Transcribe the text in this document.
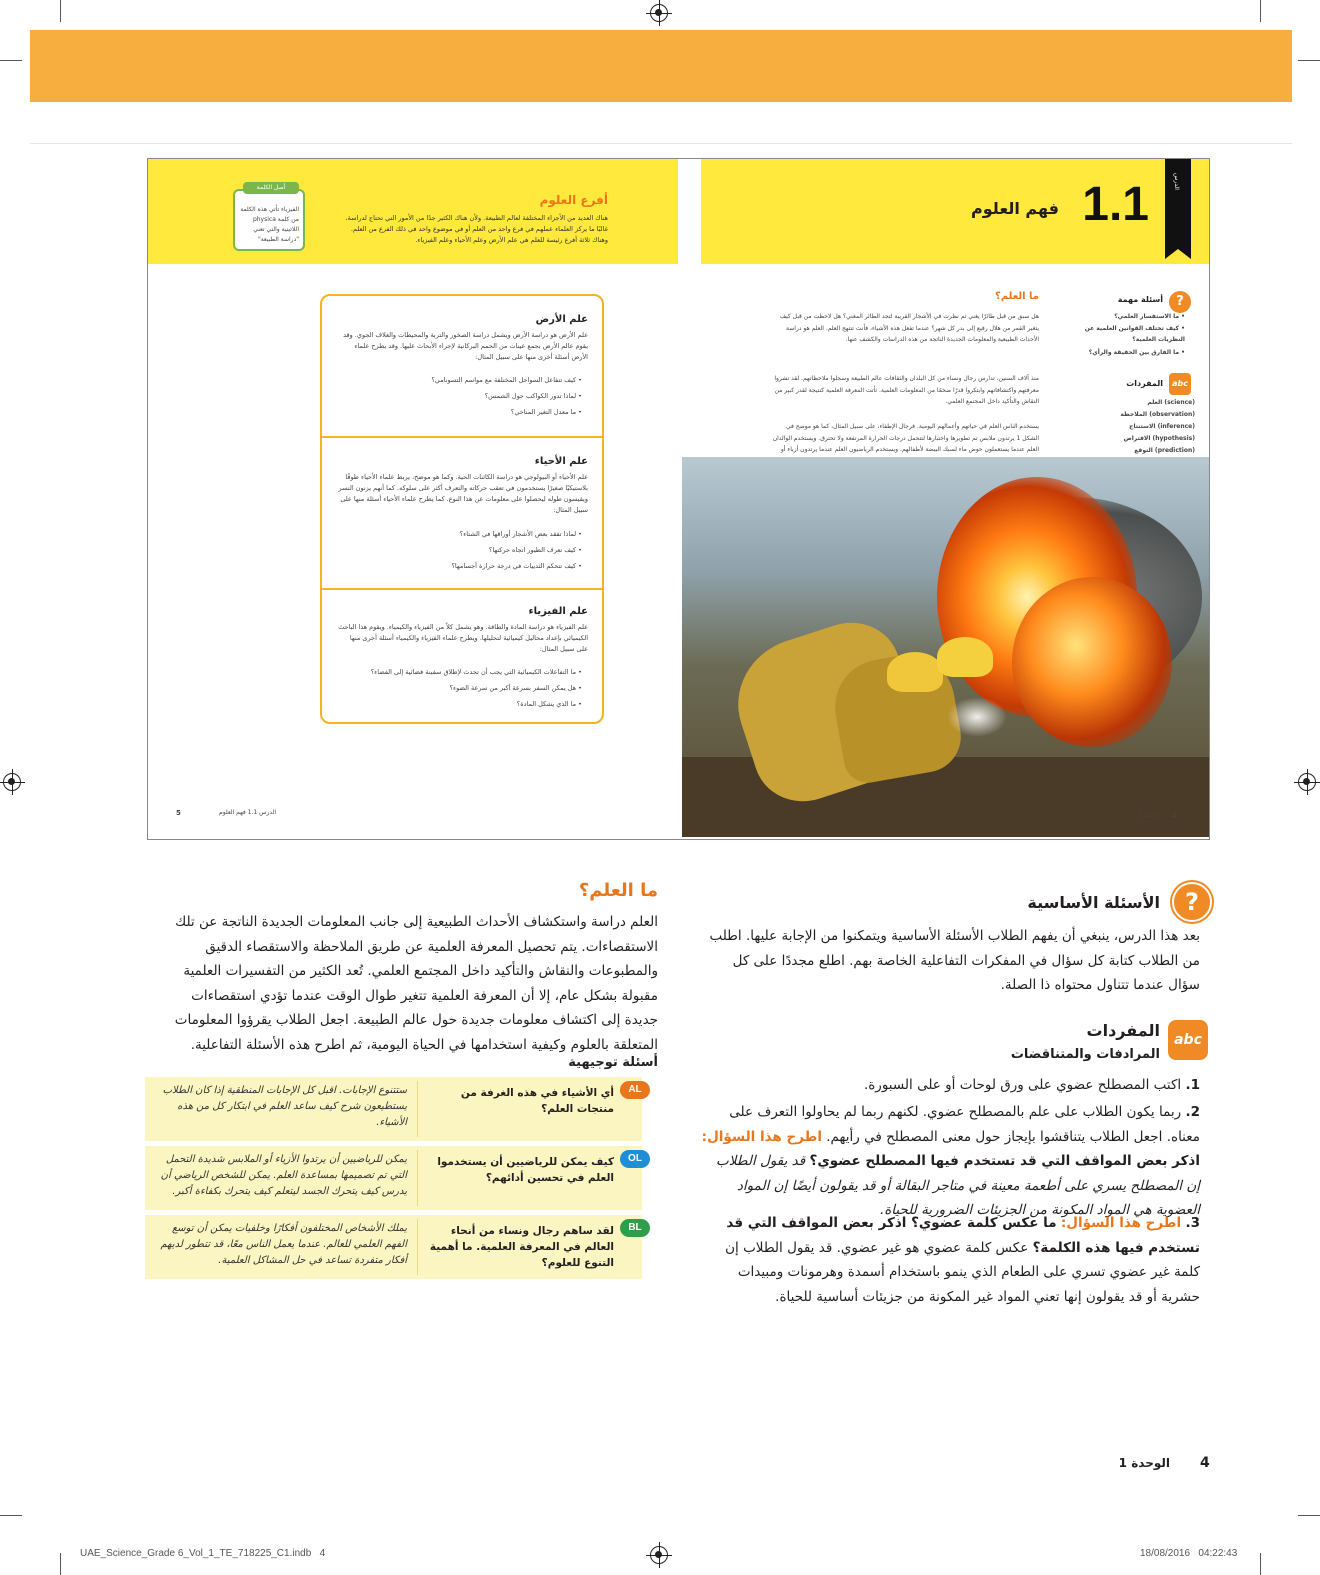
أفرع العلوم
هناك العديد من الأجزاء المختلفة لعالم الطبيعة. ولأن هناك الكثير جدًا من الأمور التي تحتاج لدراسة، غالبًا ما يركز العلماء عملهم في فرع واحد من العلم أو في موضوع واحد في ذلك الفرع من العلم. وهناك ثلاثة أفرع رئيسة للعلم هي علم الأرض وعلم الأحياء وعلم الفيزياء.
أصل الكلمة
الفيزياء تأتي هذه الكلمة من كلمة physica اللاتينية والتي تعني "دراسة الطبيعة"
علم الأرض
علم الأرض هو دراسة الأرض ويشمل دراسة الصخور والتربة والمحيطات والغلاف الجوي. وقد يقوم عالم الأرض بجمع عينات من الحمم البركانية لإجراء الأبحاث عليها. وقد يطرح علماء الأرض أسئلة أخرى منها على سبيل المثال:
• كيف تتفاعل السواحل المختلفة مع مواسم التسونامي؟
• لماذا تدور الكواكب حول الشمس؟
• ما معدل التغير المناخي؟
علم الأحياء
علم الأحياء أو البيولوجي هو دراسة الكائنات الحية. وكما هو موضح، يربط علماء الأحياء طوقًا بلاستيكيًا صغيرًا يستخدمون في تعقب حركاته والتعرف أكثر على سلوكه. كما أنهم يزنون النسر ويقيسون طوله ليحصلوا على معلومات عن هذا النوع. كما يطرح علماء الأحياء أسئلة منها على سبيل المثال:
• لماذا تفقد بعض الأشجار أوراقها في الشتاء؟
• كيف تعرف الطيور اتجاه حركتها؟
• كيف تتحكم الثدييات في درجة حرارة أجسامها؟
علم الفيزياء
علم الفيزياء هو دراسة المادة والطاقة. وهو يشمل كلاً من الفيزياء والكيمياء. ويقوم هذا الباحث الكيميائي بإعداد محاليل كيميائية لتحليلها. ويطرح علماء الفيزياء والكيمياء أسئلة أخرى منها على سبيل المثال:
• ما التفاعلات الكيميائية التي يجب أن تحدث لإطلاق سفينة فضائية إلى الفضاء؟
• هل يمكن السفر بسرعة أكبر من سرعة الضوء؟
• ما الذي يشكل المادة؟
الدرس 1.1 فهم العلوم
5
الدرس
1.1
فهم العلوم
?
أسئلة مهمة
• ما الاستفسار العلمي؟
• كيف تختلف القوانين العلمية عن النظريات العلمية؟
• ما الفارق بين الحقيقة والرأي؟
abc
المفردات
(science) العلم
(observation) الملاحظة
(inference) الاستنتاج
(hypothesis) الافتراض
(prediction) التوقع
ما العلم؟
هل سبق من قبل طائرًا يغني ثم نظرت في الأشجار القريبة لتجد الطائر المغني؟ هل لاحظت من قبل كيف يتغير القمر من هلال رفيع إلى بدر كل شهر؟ عندما تفعل هذه الأشياء، فأنت تنتهج العلم. العلم هو دراسة الأحداث الطبيعية والمعلومات الجديدة الناتجة من هذه الدراسات والكشف عنها.
منذ آلاف السنين، تدارس رجال ونساء من كل البلدان والثقافات عالم الطبيعة وسجلوا ملاحظاتهم. لقد نشروا معرفتهم واكتشافاتهم وابتكروا قدرًا ضخمًا من المعلومات العلمية. تأتت المعرفة العلمية كنتيجة لقدر كبير من النقاش والتأكيد داخل المجتمع العلمي.
يستخدم الناس العلم في حياتهم وأعمالهم اليومية. فرجال الإطفاء، على سبيل المثال، كما هو موضح في الشكل 1 يرتدون ملابس تم تطويرها واختبارها لتتحمل درجات الحرارة المرتفعة ولا تحترق. ويستخدم الوالدان العلم عندما يستعملون حوض ماء لسبك البيضة لأطفالهم. ويستخدم الرياضيون العلم عندما يرتدون أزياء أو
الوحدة 1 4
?
الأسئلة الأساسية
بعد هذا الدرس، ينبغي أن يفهم الطلاب الأسئلة الأساسية ويتمكنوا من الإجابة عليها. اطلب من الطلاب كتابة كل سؤال في المفكرات التفاعلية الخاصة بهم. اطلع مجددًا على كل سؤال عندما تتناول محتواه ذا الصلة.
abc
المفردات
المرادفات والمتناقضات
1. اكتب المصطلح عضوي على ورق لوحات أو على السبورة.
2. ربما يكون الطلاب على علم بالمصطلح عضوي. لكنهم ربما لم يحاولوا التعرف على معناه. اجعل الطلاب يتناقشوا بإيجاز حول معنى المصطلح في رأيهم. اطرح هذا السؤال: اذكر بعض المواقف التي قد تستخدم فيها المصطلح عضوي؟ قد يقول الطلاب إن المصطلح يسري على أطعمة معينة في متاجر البقالة أو قد يقولون أيضًا إن المواد العضوية هي المواد المكونة من الجزيئات الضرورية للحياة.
3. اطرح هذا السؤال: ما عكس كلمة عضوي؟ اذكر بعض المواقف التي قد تستخدم فيها هذه الكلمة؟ عكس كلمة عضوي هو غير عضوي. قد يقول الطلاب إن كلمة غير عضوي تسري على الطعام الذي ينمو باستخدام أسمدة وهرمونات ومبيدات حشرية أو قد يقولون إنها تعني المواد غير المكونة من جزيئات أساسية للحياة.
ما العلم؟
العلم دراسة واستكشاف الأحداث الطبيعية إلى جانب المعلومات الجديدة الناتجة عن تلك الاستقصاءات. يتم تحصيل المعرفة العلمية عن طريق الملاحظة والاستقصاء الدقيق والمطبوعات والنقاش والتأكيد داخل المجتمع العلمي. تُعد الكثير من التفسيرات العلمية مقبولة بشكل عام، إلا أن المعرفة العلمية تتغير طوال الوقت عندما تؤدي استقصاءات جديدة إلى اكتشاف معلومات جديدة حول عالم الطبيعة. اجعل الطلاب يقرؤوا المعلومات المتعلقة بالعلوم وكيفية استخدامها في الحياة اليومية، ثم اطرح هذه الأسئلة التفاعلية.
أسئلة توجيهية
AL
أي الأشياء في هذه الغرفة من منتجات العلم؟
ستتنوع الإجابات. اقبل كل الإجابات المنطقية إذا كان الطلاب يستطيعون شرح كيف ساعد العلم في ابتكار كل من هذه الأشياء.
OL
كيف يمكن للرياضيين أن يستخدموا العلم في تحسين أدائهم؟
يمكن للرياضيين أن يرتدوا الأزياء أو الملابس شديدة التحمل التي تم تصميمها بمساعدة العلم. يمكن للشخص الرياضي أن يدرس كيف يتحرك الجسد ليتعلم كيف يتحرك بكفاءة أكبر.
BL
لقد ساهم رجال ونساء من أنحاء العالم في المعرفة العلمية. ما أهمية التنوع للعلوم؟
يملك الأشخاص المختلفون أفكارًا وخلفيات يمكن أن توسع الفهم العلمي للعالم. عندما يعمل الناس معًا، قد تتطور لديهم أفكار متفردة تساعد في حل المشاكل العلمية.
الوحدة 1 4
UAE_Science_Grade 6_Vol_1_TE_718225_C1.indb   4	18/08/2016   04:22:43
